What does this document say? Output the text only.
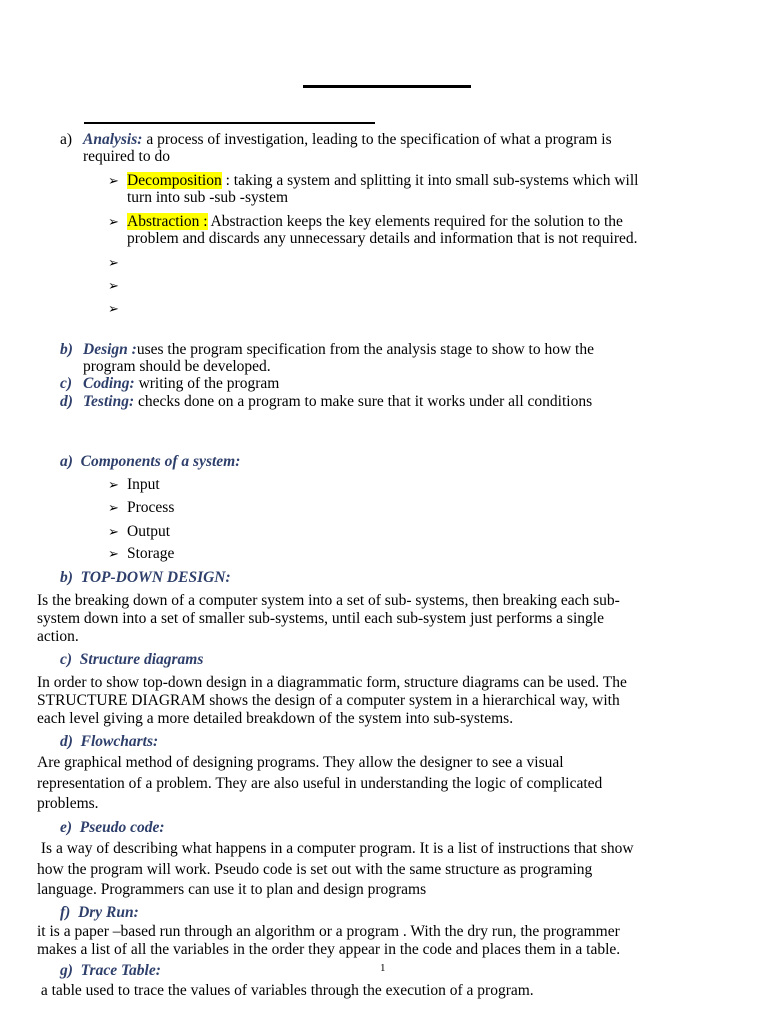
a) Analysis: a process of investigation, leading to the specification of what a program is
required to do
➢ Decomposition : taking a system and splitting it into small sub-systems which will
turn into sub -sub -system
➢ Abstraction : Abstraction keeps the key elements required for the solution to the
problem and discards any unnecessary details and information that is not required.
➢
➢
➢
b) Design :uses the program specification from the analysis stage to show to how the
program should be developed.
c) Coding: writing of the program
d) Testing: checks done on a program to make sure that it works under all conditions
a)  Components of a system:
➢ Input
➢ Process
➢ Output
➢ Storage
b)  TOP-DOWN DESIGN:
Is the breaking down of a computer system into a set of sub- systems, then breaking each sub-
system down into a set of smaller sub-systems, until each sub-system just performs a single
action.
c)  Structure diagrams
In order to show top-down design in a diagrammatic form, structure diagrams can be used. The
STRUCTURE DIAGRAM shows the design of a computer system in a hierarchical way, with
each level giving a more detailed breakdown of the system into sub-systems.
d)  Flowcharts:
Are graphical method of designing programs. They allow the designer to see a visual
representation of a problem. They are also useful in understanding the logic of complicated
problems.
e)  Pseudo code:
Is a way of describing what happens in a computer program. It is a list of instructions that show
how the program will work. Pseudo code is set out with the same structure as programing
language. Programmers can use it to plan and design programs
f)  Dry Run:
it is a paper –based run through an algorithm or a program . With the dry run, the programmer
makes a list of all the variables in the order they appear in the code and places them in a table.
g)  Trace Table:	1
a table used to trace the values of variables through the execution of a program.
